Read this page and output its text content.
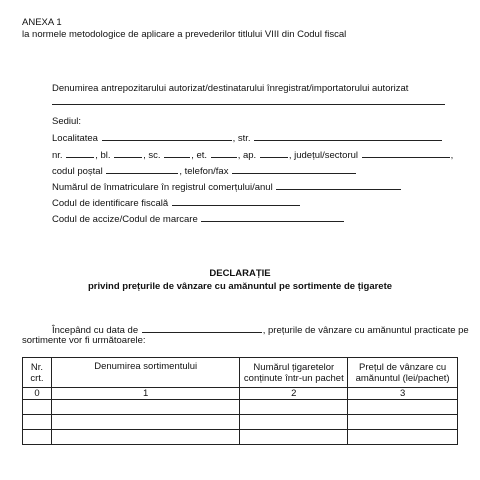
ANEXA 1
la normele metodologice de aplicare a prevederilor titlului VIII din Codul fiscal
Denumirea antrepozitarului autorizat/destinatarului înregistrat/importatorului autorizat
Sediul:
Localitatea	, str.
nr.	, bl.	, sc.	, et.	, ap.	, județul/sectorul	,
codul poștal	, telefon/fax
Numărul de înmatriculare în registrul comerțului/anul
Codul de identificare fiscală
Codul de accize/Codul de marcare
DECLARAȚIE
privind prețurile de vânzare cu amănuntul pe sortimente de țigarete
Începând cu data de	, prețurile de vânzare cu amănuntul practicate pe
sortimente vor fi următoarele:
Nr. crt.	Denumirea sortimentului	Numărul țigaretelor conținute într-un pachet	Prețul de vânzare cu amănuntul (lei/pachet)
0	1	2	3
